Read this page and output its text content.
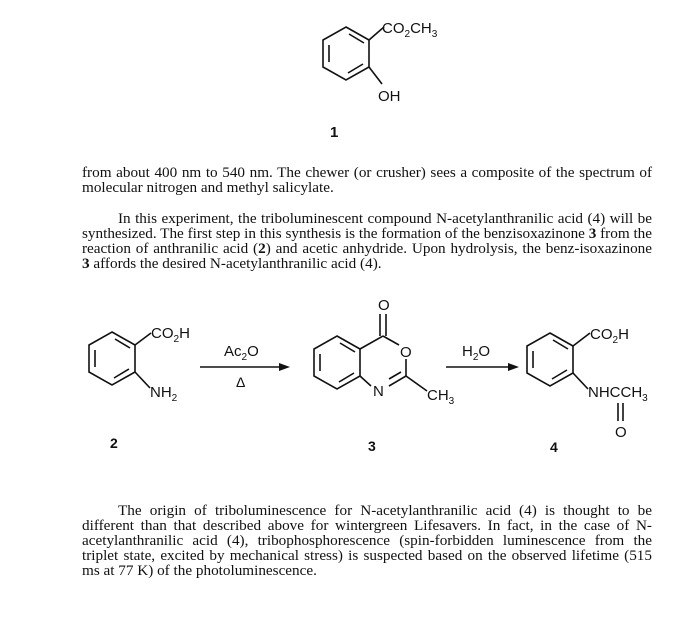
$CO_2CH_3$
OH
1
$CO_2H$
$NH_2$
2
$Ac_2O$
Δ
O
O
N	$CH_3$
3
$H_2O$
$CO_2H$
$NHCCH_3$
O
4

from about 400 nm to 540 nm. The chewer (or crusher) sees a composite of the spectrum of molecular nitrogen and methyl salicylate.

In this experiment, the triboluminescent compound N-acetylanthranilic acid (4) will be synthesized. The first step in this synthesis is the formation of the benzisoxazinone 3 from the reaction of anthranilic acid (2) and acetic anhydride. Upon hydrolysis, the benz-isoxazinone 3 affords the desired N-acetylanthranilic acid (4).

The origin of triboluminescence for N-acetylanthranilic acid (4) is thought to be different than that described above for wintergreen Lifesavers. In fact, in the case of N-acetylanthranilic acid (4), tribophosphorescence (spin-forbidden luminescence from the triplet state, excited by mechanical stress) is suspected based on the observed lifetime (515 ms at 77 K) of the photoluminescence.
